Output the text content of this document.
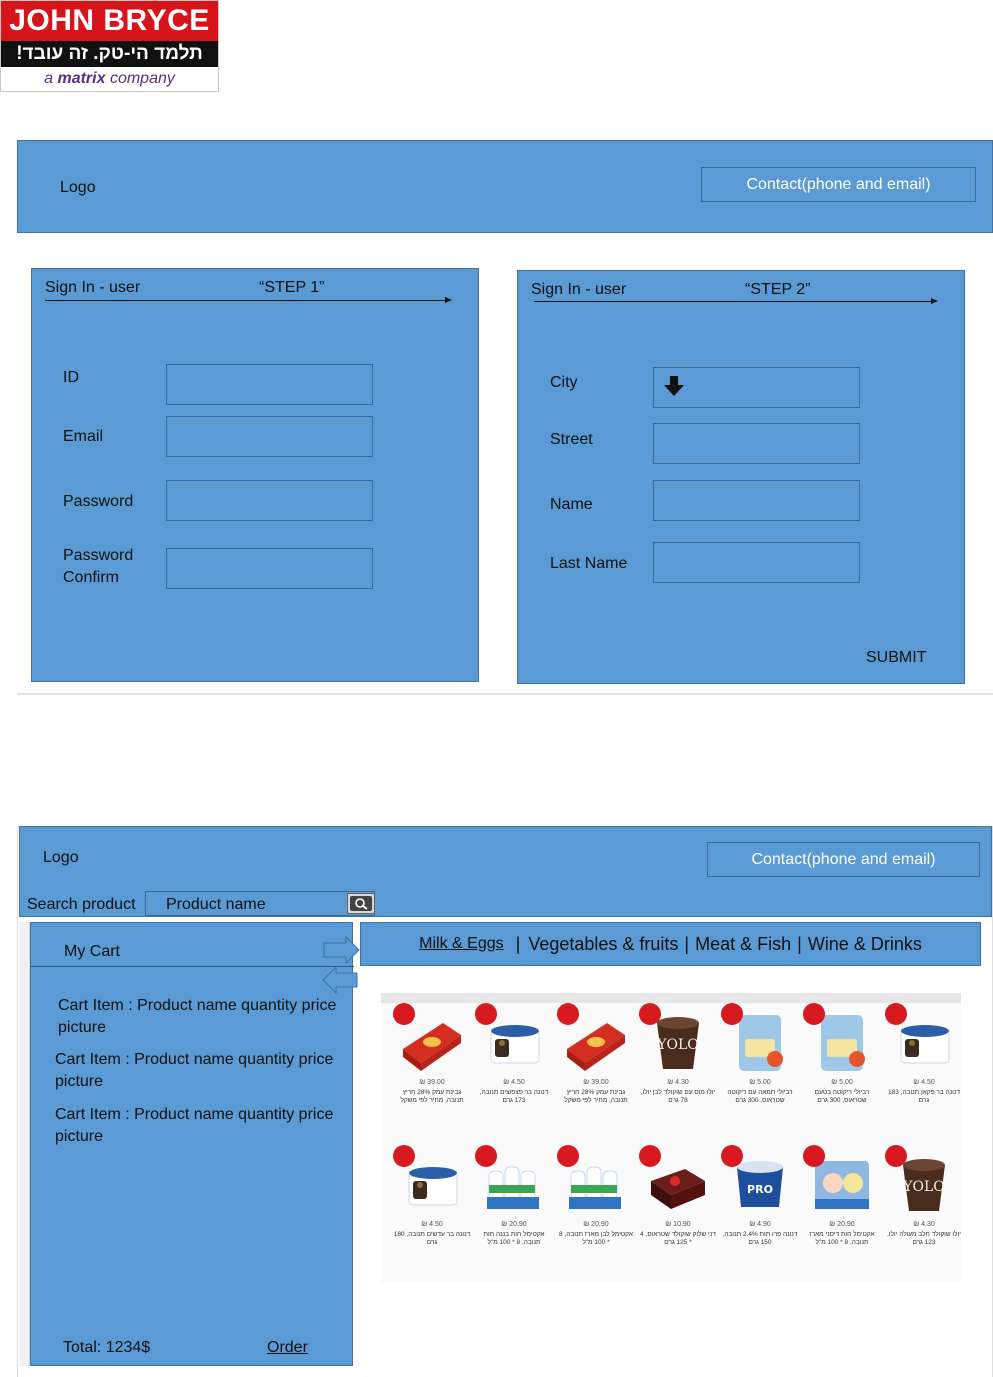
JOHN BRYCE
תלמד הי-טק. זה עובד!
a
matrix
company
Logo	Contact(phone and email)
Sign In - user	“STEP 1”
ID
Email
Password
Password Confirm
Sign In - user	“STEP 2”
City
Street
Name
Last Name
SUBMIT
Logo	Contact(phone and email)
Search product Product name
My Cart
Cart Item : Product name quantity price
picture
Cart Item : Product name quantity price
picture
Cart Item : Product name quantity price
picture
Total: 1234$	Order
Milk & Eggs | Vegetables & fruits | Meat & Fish | Wine & Drinks
₪ 39.00
גבינת עמק 28% חריץ תנובה, מחיר לפי משקל
₪ 4.50
דנונה בר פצפוצים תנובה, 173 גרם
₪ 39.00
גבינת עמק 28% חריץ תנובה, מחיר לפי משקל
YOLO
₪ 4.30
יולו מוס עם שוקולד לבן יולו, 78 גרם
₪ 5.00
רביולי חמאה עם ריקוטה שטראוס, 300 גרם
₪ 5.00
רביולי ריקוטה בטעם שטראוס, 300 גרם
₪ 4.50
דנונה בר פקאן תנובה, 183 גרם
₪ 4.50
דנונה בר עדשים תנובה, 180 גרם
₪ 20.90
אקטימל חות בננה תות תנובה, 8 * 100 מ"ל
₪ 20.90
אקטימל לבן מארז תנובה, 8 * 100 מ"ל
₪ 10.90
דני שלוק שוקולד שטראוס, 4 * 125 גרם
PRO
₪ 4.90
דנונה פרו תות 2.4% תנובה, 150 גרם
₪ 20.90
אקטימל חות דיסני מארז תנובה, 8 * 100 מ"ל
YOLO
₪ 4.30
יולו שוקולד חלב מעולה יולו, 123 גרם
